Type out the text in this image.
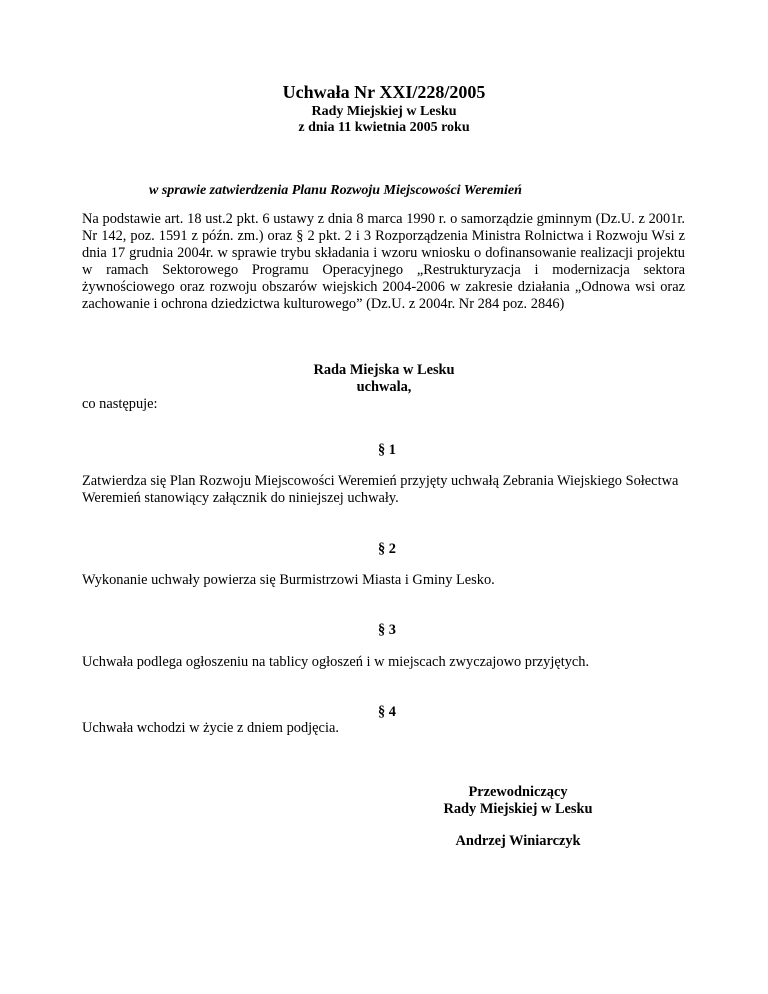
Uchwała Nr XXI/228/2005
Rady Miejskiej w Lesku
z dnia 11 kwietnia 2005 roku
w sprawie zatwierdzenia Planu Rozwoju Miejscowości Weremień
Na podstawie art. 18 ust.2 pkt. 6 ustawy z dnia 8 marca 1990 r. o samorządzie gminnym (Dz.U. z 2001r. Nr 142, poz. 1591 z późn. zm.) oraz § 2 pkt. 2 i 3 Rozporządzenia Ministra Rolnictwa i Rozwoju Wsi z dnia 17 grudnia 2004r. w sprawie trybu składania i wzoru wniosku o dofinansowanie realizacji projektu w ramach Sektorowego Programu Operacyjnego „Restrukturyzacja i modernizacja sektora żywnościowego oraz rozwoju obszarów wiejskich 2004-2006 w zakresie działania „Odnowa wsi oraz zachowanie i ochrona dziedzictwa kulturowego” (Dz.U. z 2004r. Nr 284 poz. 2846)
Rada Miejska w Lesku
uchwala,
co następuje:
§ 1
Zatwierdza się Plan Rozwoju Miejscowości Weremień przyjęty uchwałą Zebrania Wiejskiego Sołectwa Weremień stanowiący załącznik do niniejszej uchwały.
§ 2
Wykonanie uchwały powierza się Burmistrzowi Miasta i Gminy Lesko.
§ 3
Uchwała podlega ogłoszeniu na tablicy ogłoszeń i w miejscach zwyczajowo przyjętych.
§ 4
Uchwała wchodzi w życie z dniem podjęcia.
Przewodniczący
Rady Miejskiej w Lesku
Andrzej Winiarczyk
